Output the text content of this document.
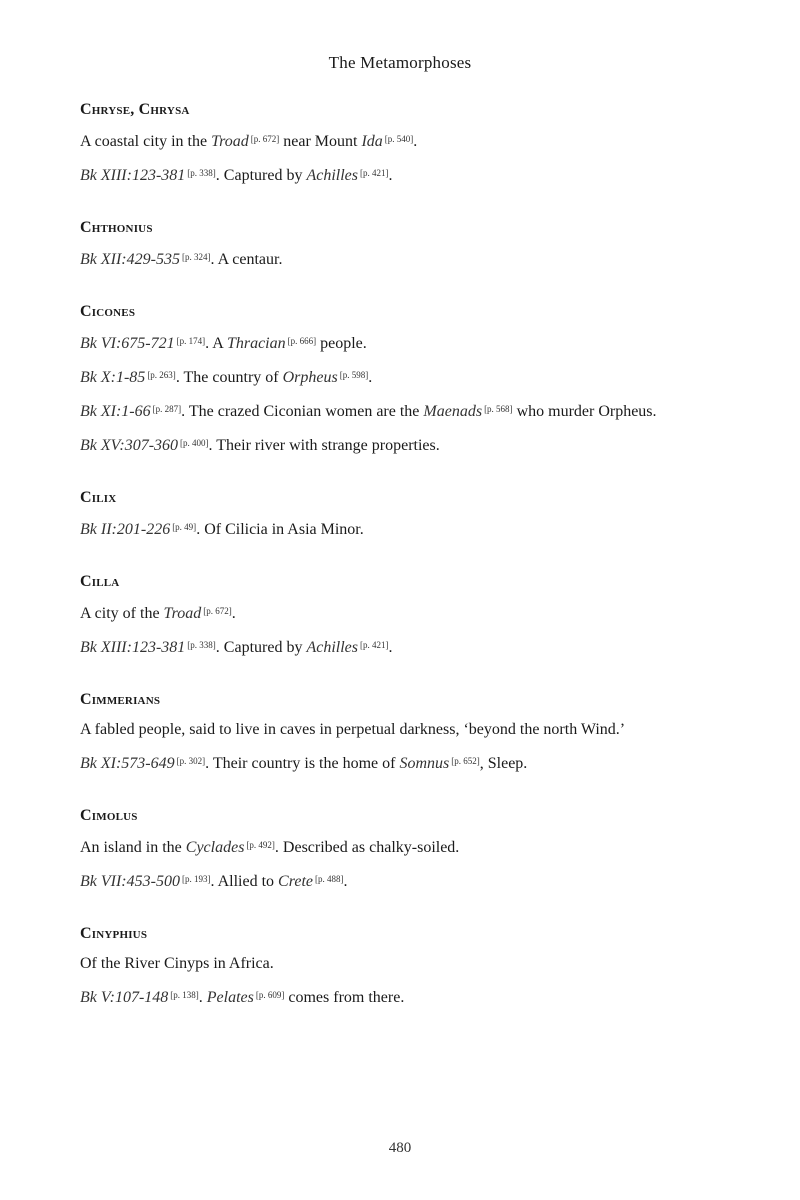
The Metamorphoses
Chryse, Chrysa
A coastal city in the Troad [p. 672] near Mount Ida [p. 540].
Bk XIII:123-381 [p. 338]. Captured by Achilles [p. 421].
Chthonius
Bk XII:429-535 [p. 324]. A centaur.
Cicones
Bk VI:675-721 [p. 174]. A Thracian [p. 666] people.
Bk X:1-85 [p. 263]. The country of Orpheus [p. 598].
Bk XI:1-66 [p. 287]. The crazed Ciconian women are the Maenads [p. 568] who murder Orpheus.
Bk XV:307-360 [p. 400]. Their river with strange properties.
Cilix
Bk II:201-226 [p. 49]. Of Cilicia in Asia Minor.
Cilla
A city of the Troad [p. 672].
Bk XIII:123-381 [p. 338]. Captured by Achilles [p. 421].
Cimmerians
A fabled people, said to live in caves in perpetual darkness, ‘beyond the north Wind.’
Bk XI:573-649 [p. 302]. Their country is the home of Somnus [p. 652], Sleep.
Cimolus
An island in the Cyclades [p. 492]. Described as chalky-soiled.
Bk VII:453-500 [p. 193]. Allied to Crete [p. 488].
Cinyphius
Of the River Cinyps in Africa.
Bk V:107-148 [p. 138]. Pelates [p. 609] comes from there.
480
